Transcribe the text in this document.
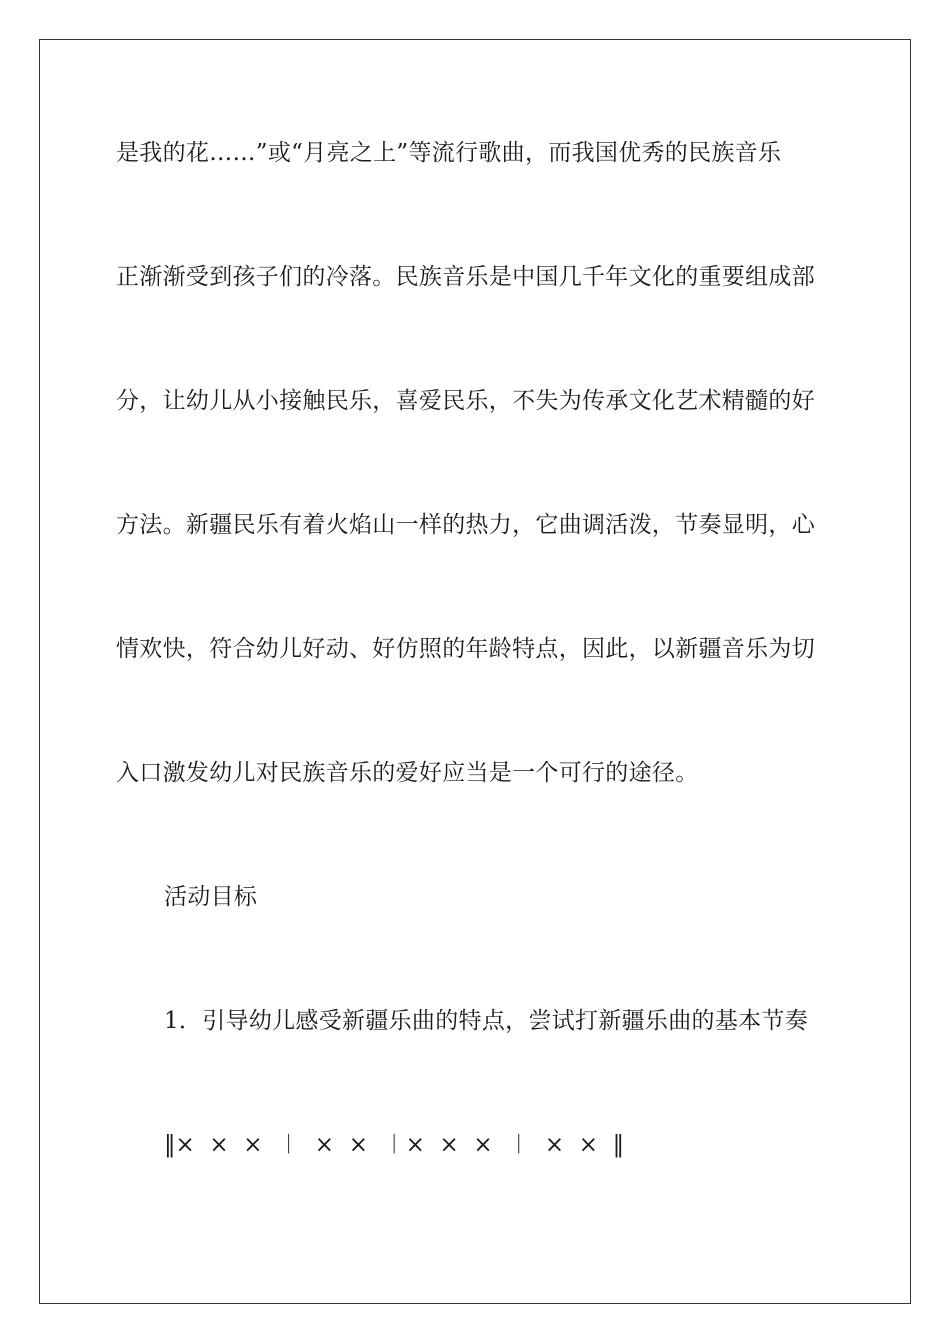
是我的花……”或“月亮之上”等流行歌曲，而我国优秀的民族音乐
正渐渐受到孩子们的冷落。民族音乐是中国几千年文化的重要组成部
分，让幼儿从小接触民乐，喜爱民乐，不失为传承文化艺术精髓的好
方法。新疆民乐有着火焰山一样的热力，它曲调活泼，节奏显明，心
情欢快，符合幼儿好动、好仿照的年龄特点，因此，以新疆音乐为切
入口激发幼儿对民族音乐的爱好应当是一个可行的途径。
活动目标
1．引导幼儿感受新疆乐曲的特点，尝试打新疆乐曲的基本节奏
‖×  ×  ×  ︱  ×  ×  ︱×  ×  ×  ︱  ×  ×  ‖
